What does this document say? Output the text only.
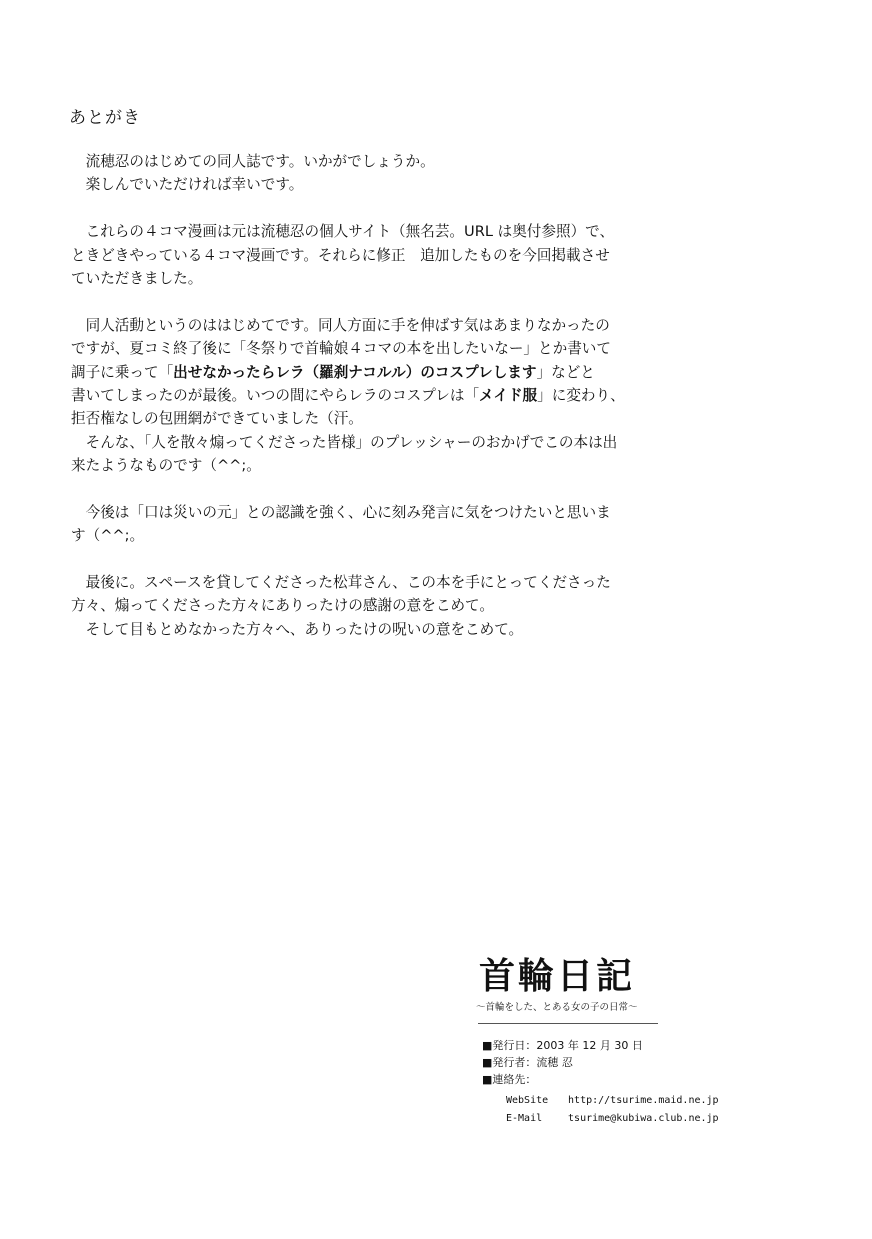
あとがき
　流穂忍のはじめての同人誌です。いかがでしょうか。
　楽しんでいただければ幸いです。
　これらの４コマ漫画は元は流穂忍の個人サイト（無名芸。URL は奥付参照）で、
ときどきやっている４コマ漫画です。それらに修正　追加したものを今回掲載させ
ていただきました。
　同人活動というのははじめてです。同人方面に手を伸ばす気はあまりなかったの
ですが、夏コミ終了後に「冬祭りで首輪娘４コマの本を出したいなー」とか書いて
調子に乗って「出せなかったらレラ（羅刹ナコルル）のコスプレします」などと
書いてしまったのが最後。いつの間にやらレラのコスプレは「メイド服」に変わり、
拒否権なしの包囲網ができていました（汗。
　そんな、「人を散々煽ってくださった皆様」のプレッシャーのおかげでこの本は出
来たようなものです（^^;。
　今後は「口は災いの元」との認識を強く、心に刻み発言に気をつけたいと思いま
す（^^;。
　最後に。スペースを貸してくださった松茸さん、この本を手にとってくださった
方々、煽ってくださった方々にありったけの感謝の意をこめて。
　そして目もとめなかった方々へ、ありったけの呪いの意をこめて。
首輪日記
〜首輪をした、とある女の子の日常〜
■発行日：2003 年 12 月 30 日
■発行者：流穂 忍
■連絡先：
WebSite http://tsurime.maid.ne.jp
E-Mail	tsurime@kubiwa.club.ne.jp
